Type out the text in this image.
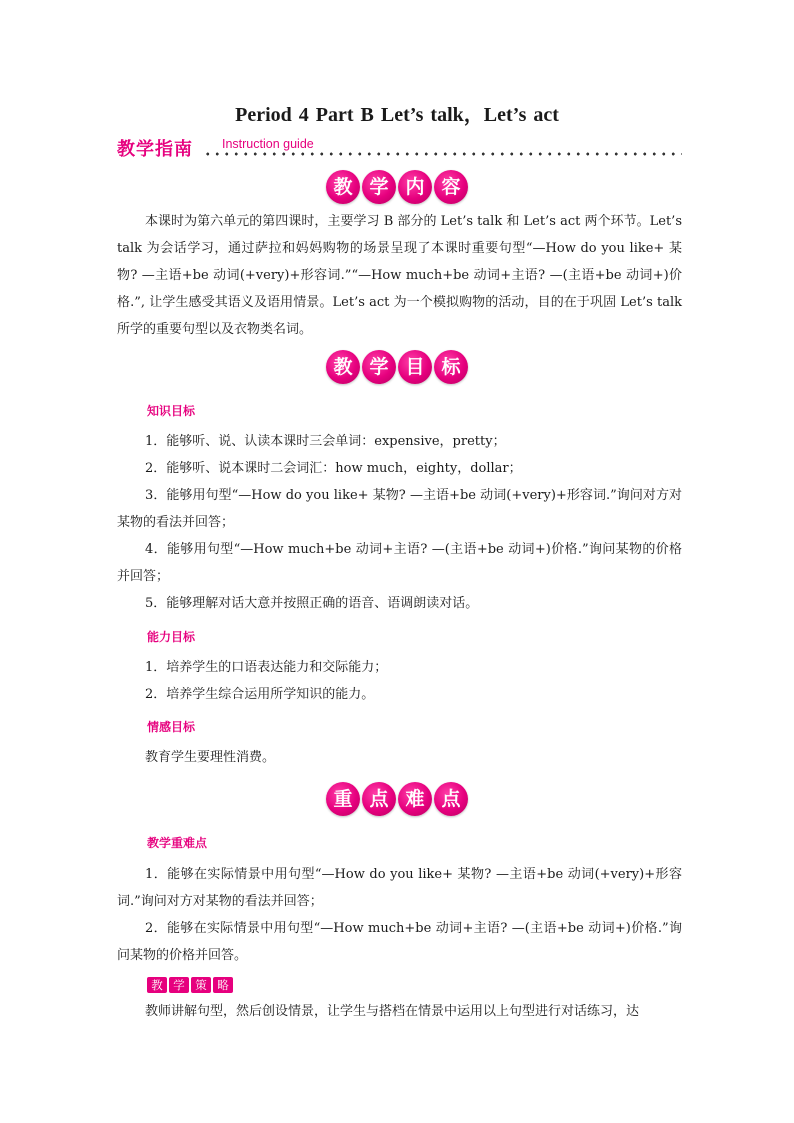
Period 4 Part B Let’s talk，Let’s act
教学指南 Instruction guide
教 学 内 容

本课时为第六单元的第四课时，主要学习 B 部分的 Let’s talk 和 Let’s act 两个环节。Let’s talk 为会话学习，通过萨拉和妈妈购物的场景呈现了本课时重要句型“—How do you like+ 某物? —主语+be 动词(+very)+形容词.”“—How much+be 动词+主语? —(主语+be 动词+)价格.”, 让学生感受其语义及语用情景。Let’s act 为一个模拟购物的活动，目的在于巩固 Let’s talk 所学的重要句型以及衣物类名词。

教 学 目 标
知识目标

1．能够听、说、认读本课时三会单词：expensive，pretty；

2．能够听、说本课时二会词汇：how much，eighty，dollar；

3．能够用句型“—How do you like+ 某物? —主语+be 动词(+very)+形容词.”询问对方对某物的看法并回答；

4．能够用句型“—How much+be 动词+主语? —(主语+be 动词+)价格.”询问某物的价格并回答；

5．能够理解对话大意并按照正确的语音、语调朗读对话。

能力目标

1．培养学生的口语表达能力和交际能力；

2．培养学生综合运用所学知识的能力。

情感目标

教育学生要理性消费。

重 点 难 点
教学重难点

1．能够在实际情景中用句型“—How do you like+ 某物? —主语+be 动词(+very)+形容词.”询问对方对某物的看法并回答；

2．能够在实际情景中用句型“—How much+be 动词+主语? —(主语+be 动词+)价格.”询问某物的价格并回答。

教 学 策 略

教师讲解句型，然后创设情景，让学生与搭档在情景中运用以上句型进行对话练习，达
